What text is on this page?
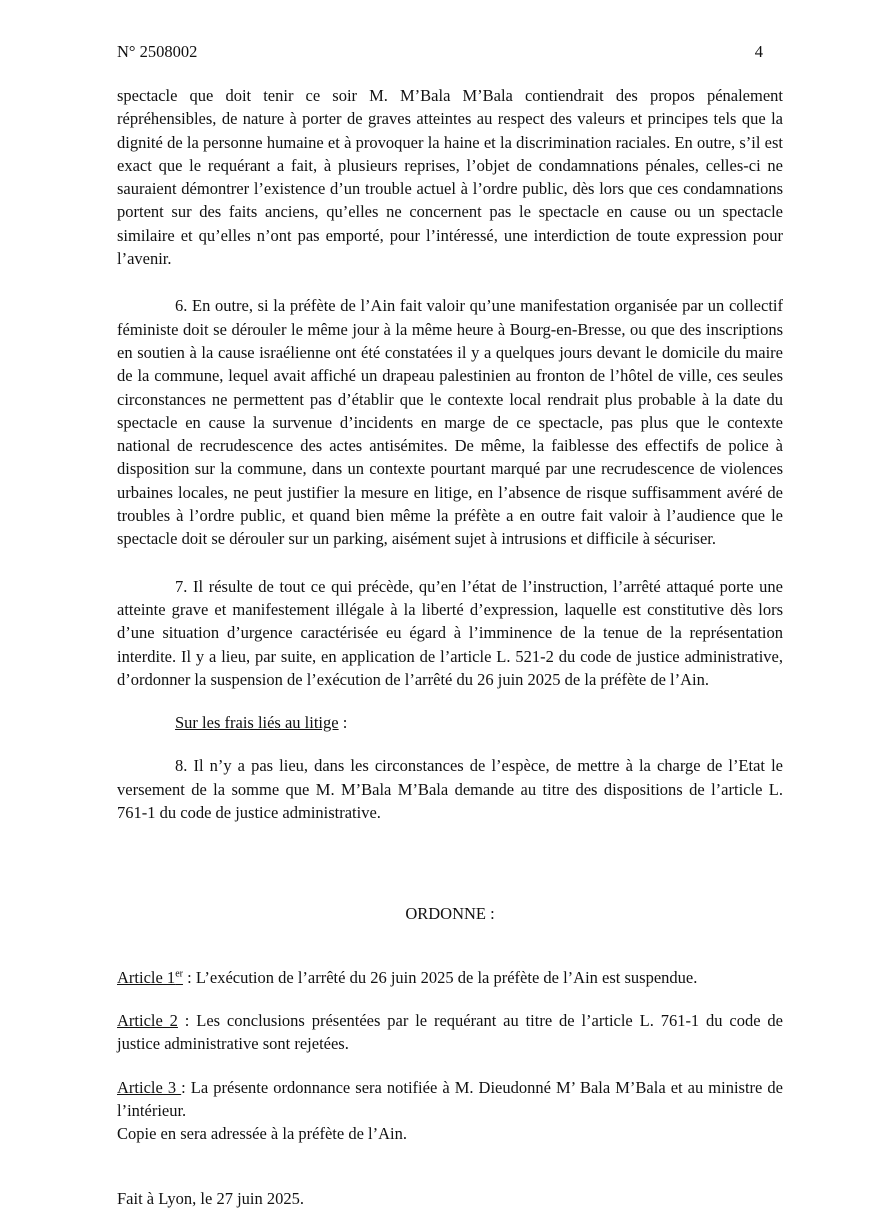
N° 2508002	4

spectacle que doit tenir ce soir M. M’Bala M’Bala contiendrait des propos pénalement répréhensibles, de nature à porter de graves atteintes au respect des valeurs et principes tels que la dignité de la personne humaine et à provoquer la haine et la discrimination raciales. En outre, s’il est exact que le requérant a fait, à plusieurs reprises, l’objet de condamnations pénales, celles-ci ne sauraient démontrer l’existence d’un trouble actuel à l’ordre public, dès lors que ces condamnations portent sur des faits anciens, qu’elles ne concernent pas le spectacle en cause ou un spectacle similaire et qu’elles n’ont pas emporté, pour l’intéressé, une interdiction de toute expression pour l’avenir.

6. En outre, si la préfète de l’Ain fait valoir qu’une manifestation organisée par un collectif féministe doit se dérouler le même jour à la même heure à Bourg-en-Bresse, ou que des inscriptions en soutien à la cause israélienne ont été constatées il y a quelques jours devant le domicile du maire de la commune, lequel avait affiché un drapeau palestinien au fronton de l’hôtel de ville, ces seules circonstances ne permettent pas d’établir que le contexte local rendrait plus probable à la date du spectacle en cause la survenue d’incidents en marge de ce spectacle, pas plus que le contexte national de recrudescence des actes antisémites. De même, la faiblesse des effectifs de police à disposition sur la commune, dans un contexte pourtant marqué par une recrudescence de violences urbaines locales, ne peut justifier la mesure en litige, en l’absence de risque suffisamment avéré de troubles à l’ordre public, et quand bien même la préfète a en outre fait valoir à l’audience que le spectacle doit se dérouler sur un parking, aisément sujet à intrusions et difficile à sécuriser.

7. Il résulte de tout ce qui précède, qu’en l’état de l’instruction, l’arrêté attaqué porte une atteinte grave et manifestement illégale à la liberté d’expression, laquelle est constitutive dès lors d’une situation d’urgence caractérisée eu égard à l’imminence de la tenue de la représentation interdite. Il y a lieu, par suite, en application de l’article L. 521-2 du code de justice administrative, d’ordonner la suspension de l’exécution de l’arrêté du 26 juin 2025 de la préfète de l’Ain.

Sur les frais liés au litige :

8. Il n’y a pas lieu, dans les circonstances de l’espèce, de mettre à la charge de l’Etat le versement de la somme que M. M’Bala M’Bala demande au titre des dispositions de l’article L. 761-1 du code de justice administrative.

ORDONNE :

Article 1er : L’exécution de l’arrêté du 26 juin 2025 de la préfète de l’Ain est suspendue.

Article 2 : Les conclusions présentées par le requérant au titre de l’article L. 761-1 du code de justice administrative sont rejetées.

Article 3 : La présente ordonnance sera notifiée à M. Dieudonné M’ Bala M’Bala et au ministre de l’intérieur.

Copie en sera adressée à la préfète de l’Ain.

Fait à Lyon, le 27 juin 2025.
